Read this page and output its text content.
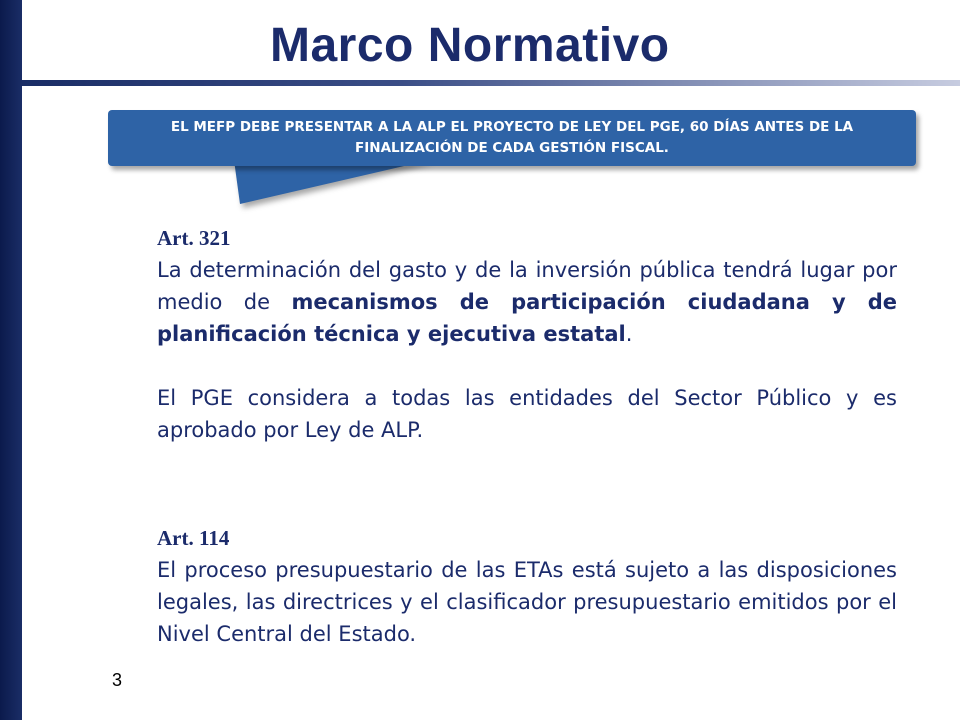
Marco Normativo
EL MEFP DEBE PRESENTAR A LA ALP EL PROYECTO DE LEY DEL PGE, 60 DÍAS ANTES DE LA FINALIZACIÓN DE CADA GESTIÓN FISCAL.
Art. 321

La determinación del gasto y de la inversión pública tendrá lugar por medio de mecanismos de participación ciudadana y de planificación técnica y ejecutiva estatal.

El PGE considera a todas las entidades del Sector Público y es aprobado por Ley de ALP.

Art. 114

El proceso presupuestario de las ETAs está sujeto a las disposiciones legales, las directrices y el clasificador presupuestario emitidos por el Nivel Central del Estado.

3
